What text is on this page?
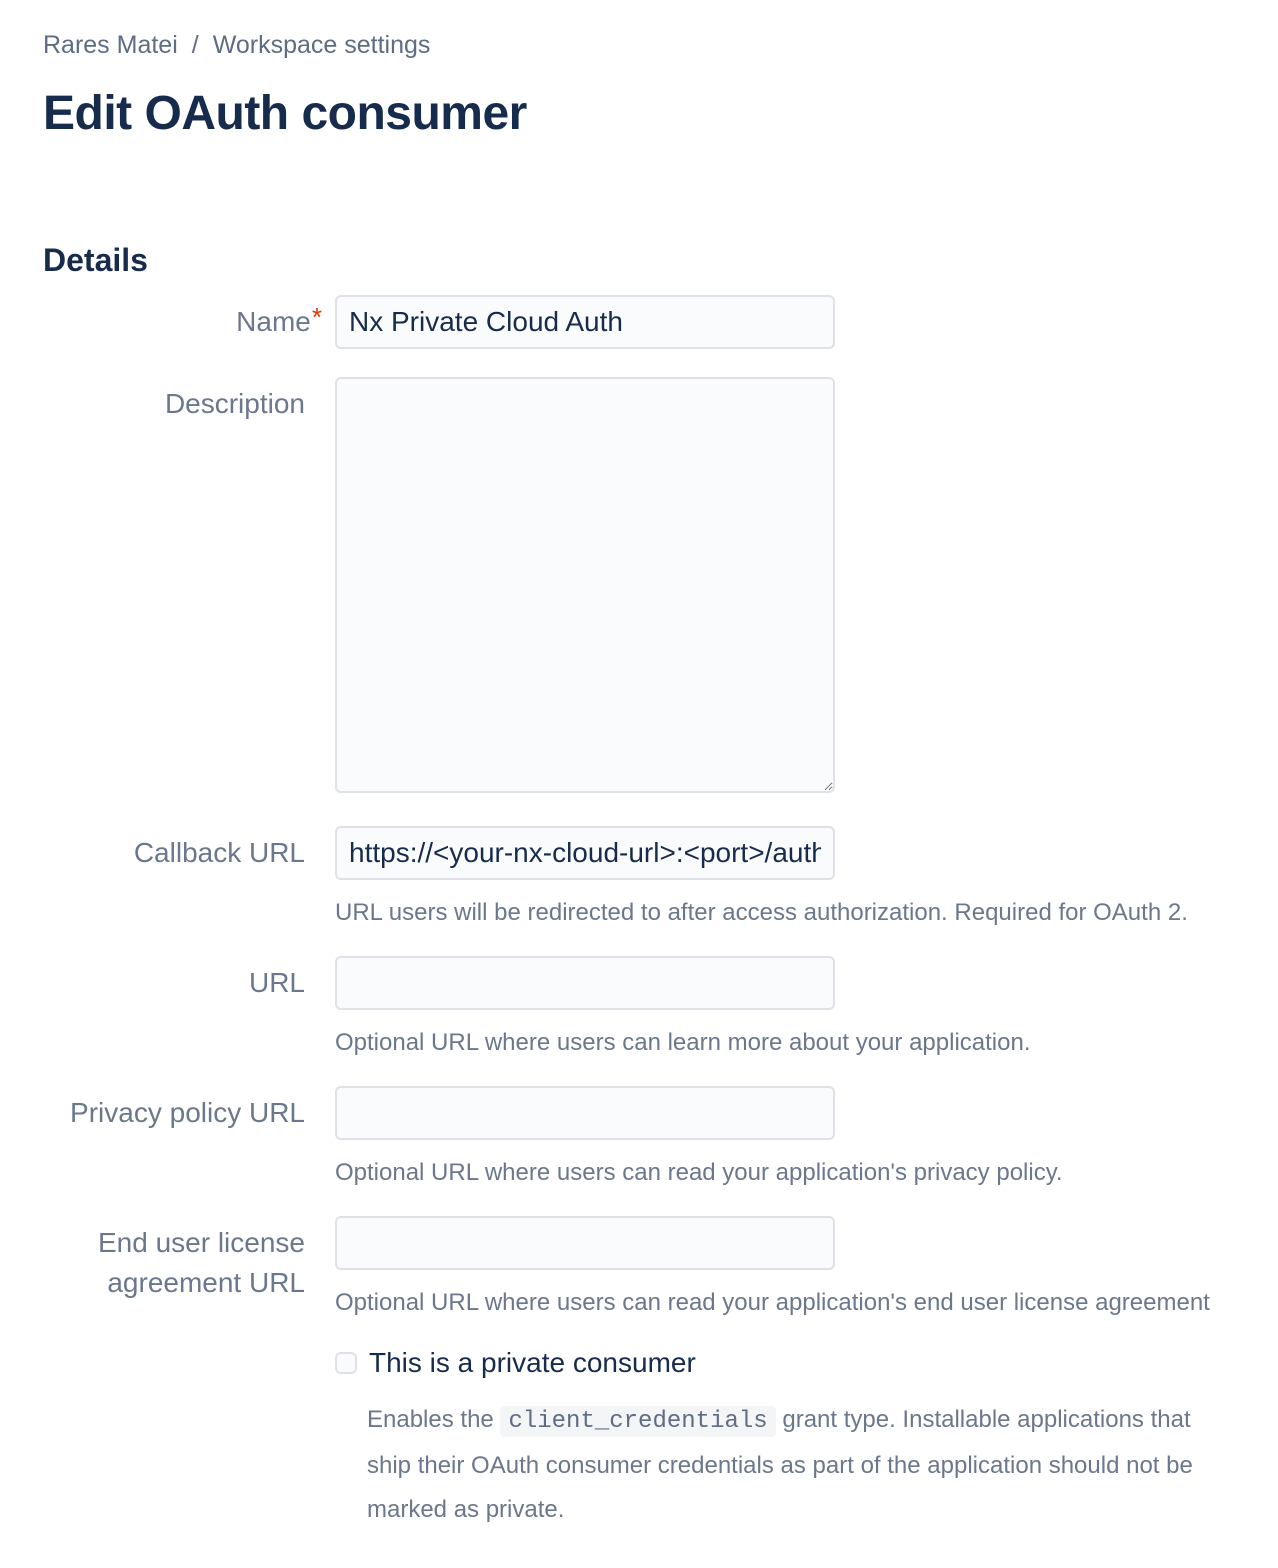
Rares Matei / Workspace settings
Edit OAuth consumer
Details
Name*
Nx Private Cloud Auth
Description
Callback URL
https://<your-nx-cloud-url>:<port>/auth

URL users will be redirected to after access authorization. Required for OAuth 2.

URL

Optional URL where users can learn more about your application.

Privacy policy URL

Optional URL where users can read your application's privacy policy.

End user license agreement URL

Optional URL where users can read your application's end user license agreement

This is a private consumer

Enables the client_credentials grant type. Installable applications that ship their OAuth consumer credentials as part of the application should not be marked as private.
